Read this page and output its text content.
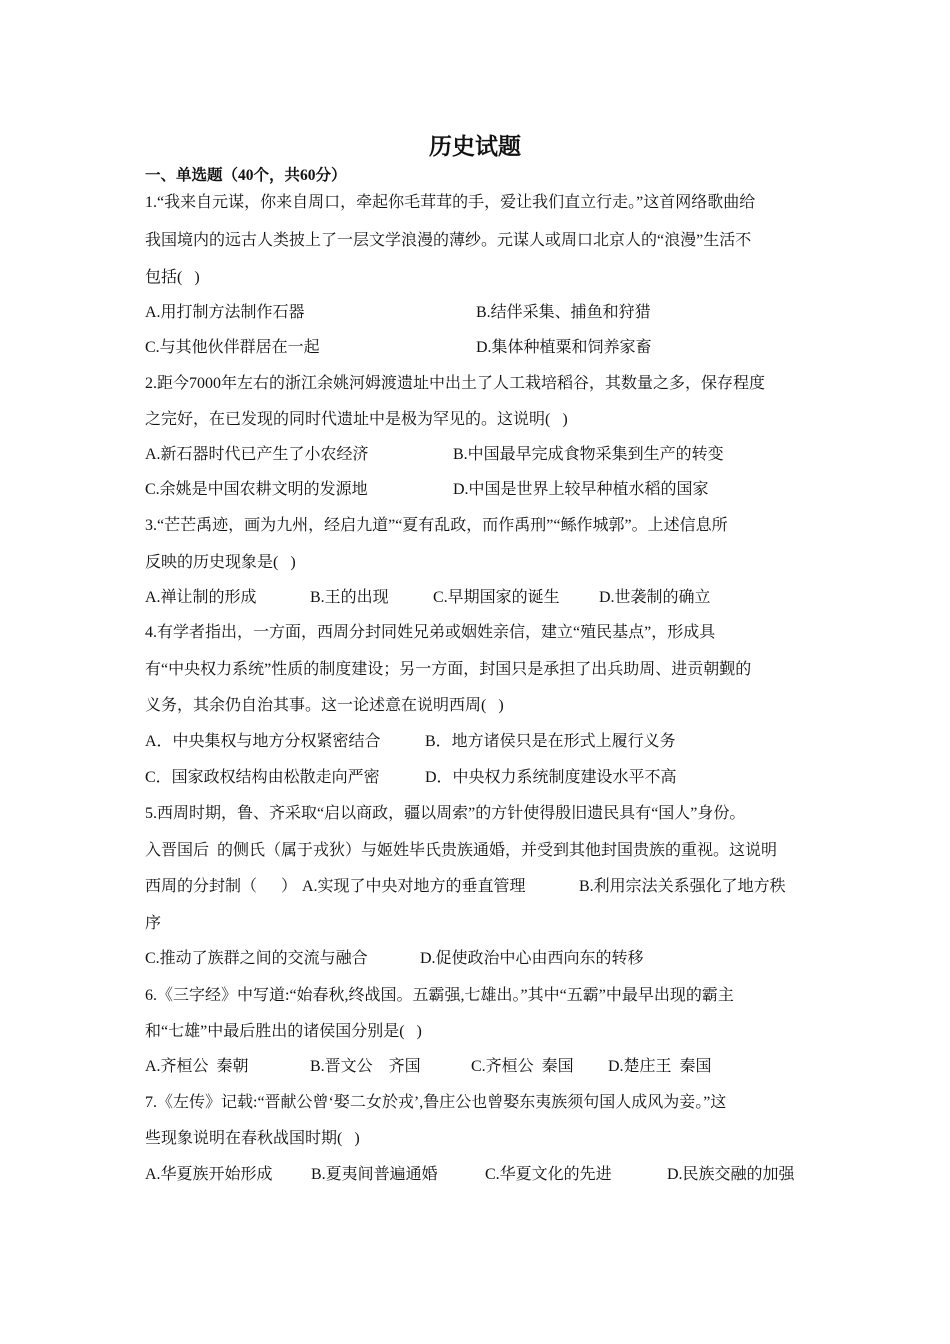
历史试题
一、单选题（40个，共60分）
1.“我来自元谋，你来自周口，牵起你毛茸茸的手，爱让我们直立行走。”这首网络歌曲给
我国境内的远古人类披上了一层文学浪漫的薄纱。元谋人或周口北京人的“浪漫”生活不
包括(   )
A.用打制方法制作石器	B.结伴采集、捕鱼和狩猎
C.与其他伙伴群居在一起	D.集体种植粟和饲养家畜
2.距今7000年左右的浙江余姚河姆渡遗址中出土了人工栽培稻谷，其数量之多，保存程度
之完好，在已发现的同时代遗址中是极为罕见的。这说明(   )
A.新石器时代已产生了小农经济	B.中国最早完成食物采集到生产的转变
C.余姚是中国农耕文明的发源地	D.中国是世界上较早种植水稻的国家
3.“芒芒禹迹，画为九州，经启九道”“夏有乱政，而作禹刑”“鲧作城郭”。上述信息所
反映的历史现象是(   )
A.禅让制的形成	B.王的出现	C.早期国家的诞生 D.世袭制的确立
4.有学者指出，一方面，西周分封同姓兄弟或姻姓亲信，建立“殖民基点”，形成具
有“中央权力系统”性质的制度建设；另一方面，封国只是承担了出兵助周、进贡朝觐的
义务，其余仍自治其事。这一论述意在说明西周(   )
A．中央集权与地方分权紧密结合	B．地方诸侯只是在形式上履行义务
C．国家政权结构由松散走向严密	D．中央权力系统制度建设水平不高
5.西周时期，鲁、齐采取“启以商政，疆以周索”的方针使得殷旧遗民具有“国人”身份。
入晋国后  的侧氏（属于戎狄）与姬姓毕氏贵族通婚，并受到其他封国贵族的重视。这说明
西周的分封制（      ） A.实现了中央对地方的垂直管理	B.利用宗法关系强化了地方秩
序
C.推动了族群之间的交流与融合	D.促使政治中心由西向东的转移
6.《三字经》中写道:“始春秋,终战国。五霸强,七雄出。”其中“五霸”中最早出现的霸主
和“七雄”中最后胜出的诸侯国分别是(   )
A.齐桓公  秦朝	B.晋文公    齐国	C.齐桓公  秦国 D.楚庄王  秦国
7.《左传》记载:“晋献公曾‘娶二女於戎’,鲁庄公也曾娶东夷族须句国人成风为妾。”这
些现象说明在春秋战国时期(   )
A.华夏族开始形成 B.夏夷间普遍通婚	C.华夏文化的先进	D.民族交融的加强
